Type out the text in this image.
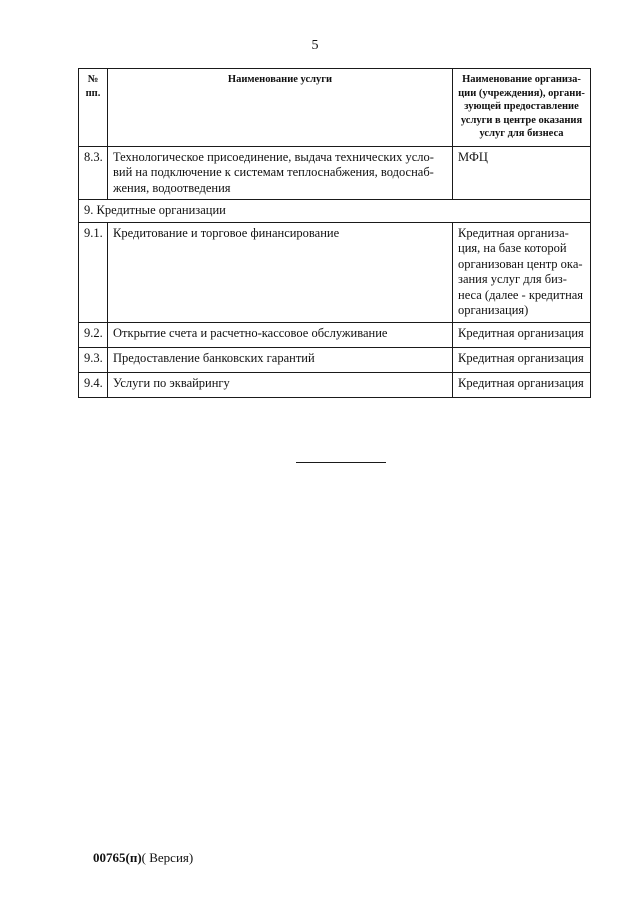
5
№ пп.	Наименование услуги	Наименование организа-ции (учреждения), органи-зующей предоставление услуги в центре оказания услуг для бизнеса
8.3.	Технологическое присоединение, выдача технических усло-вий на подключение к системам теплоснабжения, водоснаб-жения, водоотведения	МФЦ
9. Кредитные организации		
9.1.	Кредитование и торговое финансирование	Кредитная организа-ция, на базе которой организован центр ока-зания услуг для биз-неса (далее - кредитная организация)
9.2.	Открытие счета и расчетно-кассовое обслуживание	Кредитная организация
9.3.	Предоставление банковских гарантий	Кредитная организация
9.4.	Услуги по эквайрингу	Кредитная организация
00765(п)( Версия)
